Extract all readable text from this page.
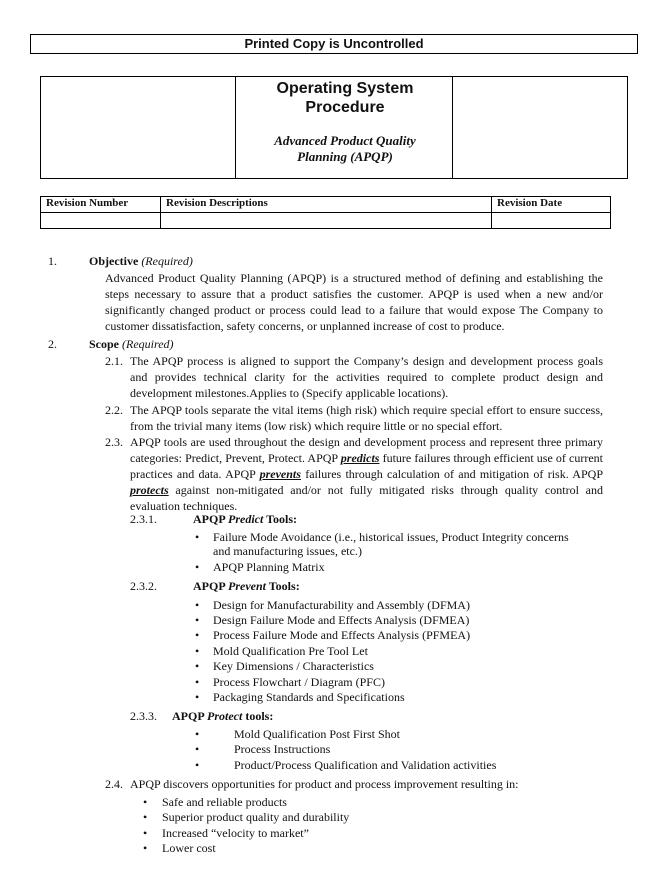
Printed Copy is Uncontrolled
Operating System
Procedure
Advanced Product Quality
Planning (APQP)
Revision Number	Revision Descriptions	Revision Date

1.	Objective (Required)
Advanced Product Quality Planning (APQP) is a structured method of defining and establishing the steps necessary to assure that a product satisfies the customer. APQP is used when a new and/or significantly changed product or process could lead to a failure that would expose The Company to customer dissatisfaction, safety concerns, or unplanned increase of cost to produce.
2.	Scope (Required)
2.1. The APQP process is aligned to support the Company’s design and development process goals and provides technical clarity for the activities required to complete product design and development milestones.Applies to (Specify applicable locations).
2.2. The APQP tools separate the vital items (high risk) which require special effort to ensure success, from the trivial many items (low risk) which require little or no special effort.
2.3. APQP tools are used throughout the design and development process and represent three primary categories: Predict, Prevent, Protect. APQP predicts future failures through efficient use of current practices and data. APQP prevents failures through calculation of and mitigation of risk. APQP protects against non-mitigated and/or not fully mitigated risks through quality control and evaluation techniques.
2.3.1.	APQP Predict Tools:
• Failure Mode Avoidance (i.e., historical issues, Product Integrity concerns
and manufacturing issues, etc.)
• APQP Planning Matrix
2.3.2.	APQP Prevent Tools:
• Design for Manufacturability and Assembly (DFMA)
• Design Failure Mode and Effects Analysis (DFMEA)
• Process Failure Mode and Effects Analysis (PFMEA)
• Mold Qualification Pre Tool Let
• Key Dimensions / Characteristics
• Process Flowchart / Diagram (PFC)
• Packaging Standards and Specifications
2.3.3. APQP Protect tools:
•	Mold Qualification Post First Shot
•	Process Instructions
•	Product/Process Qualification and Validation activities
2.4. APQP discovers opportunities for product and process improvement resulting in:
• Safe and reliable products
• Superior product quality and durability
• Increased “velocity to market”
• Lower cost
